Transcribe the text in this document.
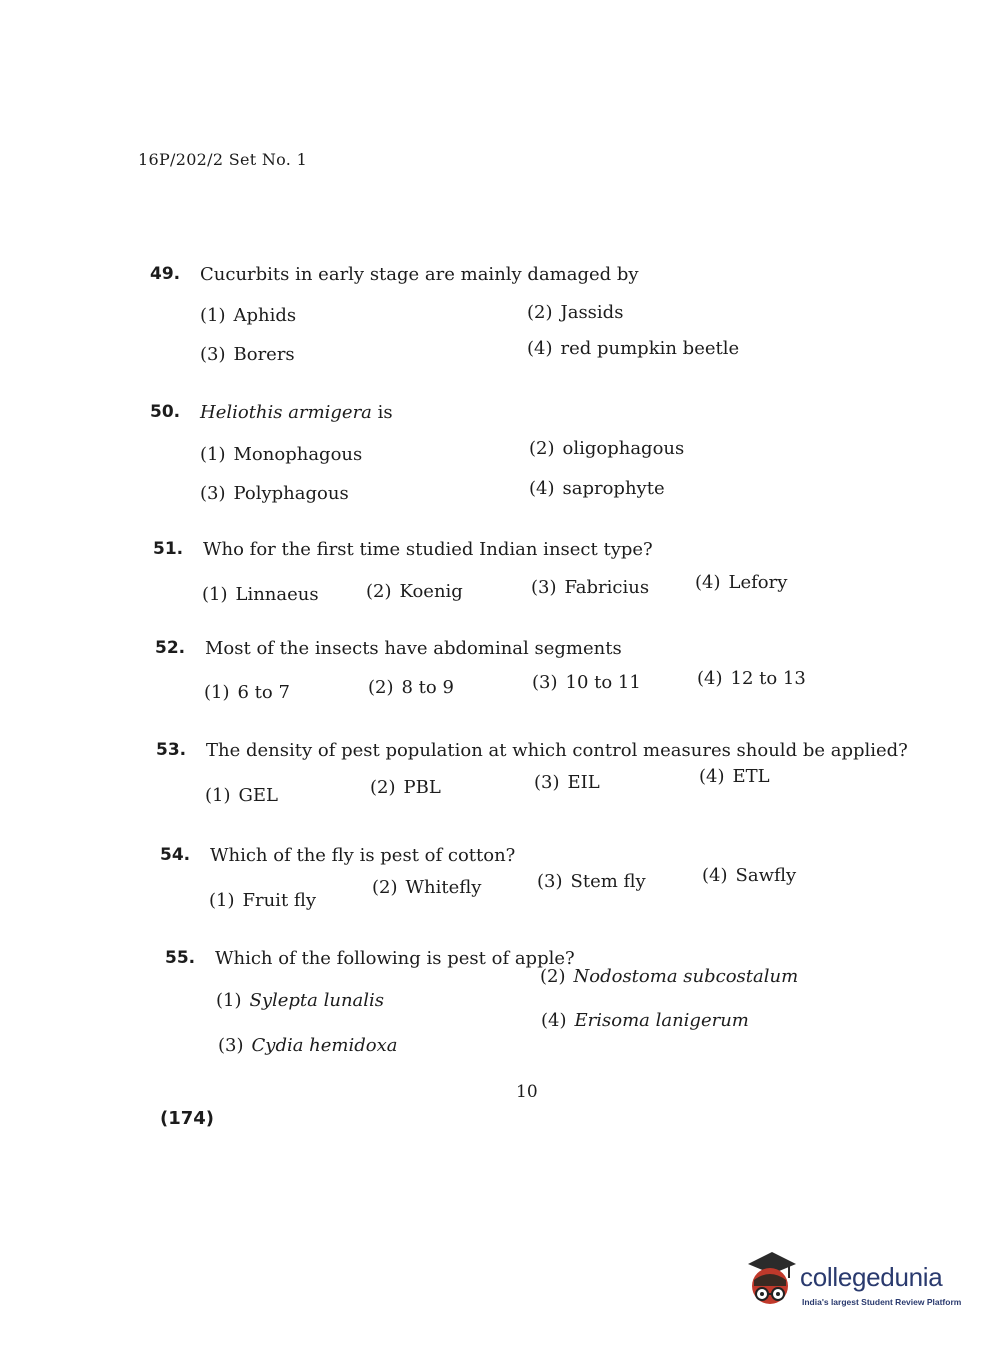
16P/202/2 Set No. 1
49. Cucurbits in early stage are mainly damaged by
(1) Aphids	(2) Jassids
(3) Borers	(4) red pumpkin beetle
50. Heliothis armigera is
(1) Monophagous	(2) oligophagous
(3) Polyphagous	(4) saprophyte
51. Who for the first time studied Indian insect type?
(1) Linnaeus	(2) Koenig	(3) Fabricius	(4) Lefory
52. Most of the insects have abdominal segments
(1) 6 to 7	(2) 8 to 9	(3) 10 to 11	(4) 12 to 13
53. The density of pest population at which control measures should be applied?
(1) GEL	(2) PBL	(3) EIL	(4) ETL
54. Which of the fly is pest of cotton?
(1) Fruit fly
(2) Whitefly	(3) Stem fly	(4) Sawfly
55. Which of the following is pest of apple?
(1) Sylepta lunalis
(2) Nodostoma subcostalum
(3) Cydia hemidoxa
(4) Erisoma lanigerum
10
(174)
collegedunia
India's largest Student Review Platform
